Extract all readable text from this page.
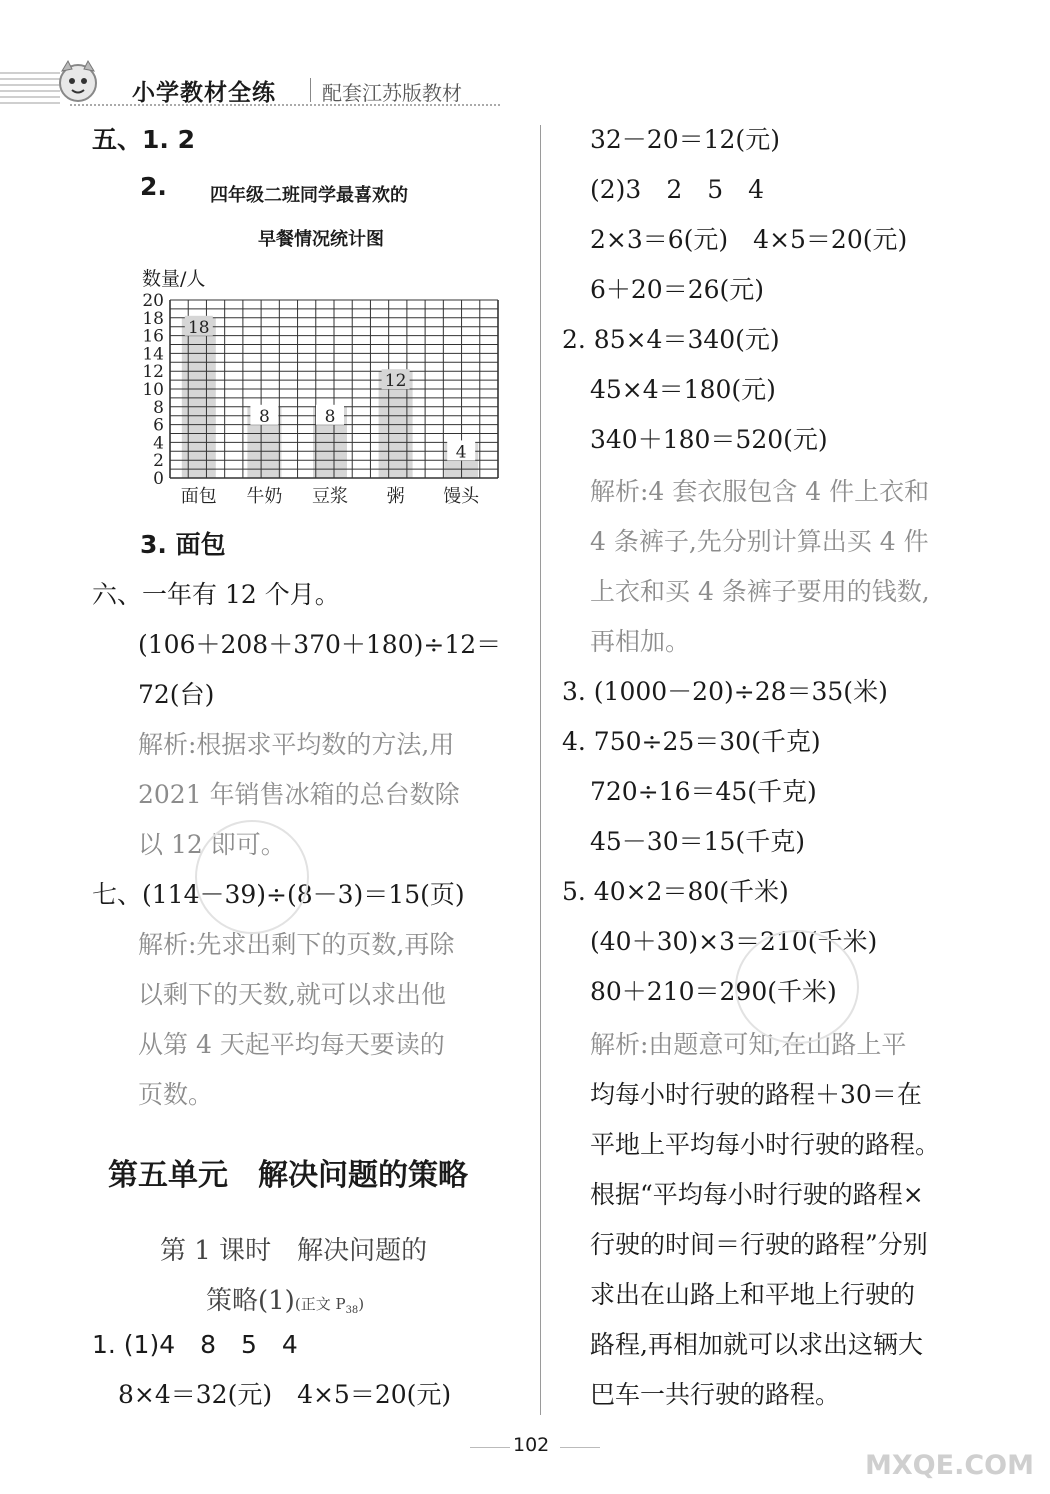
小学教材全练 配套江苏版教材
五、1. 2
2. 四年级二班同学最喜欢的
早餐情况统计图
数量/人
0
2
4
6
8
10
12
14
16
18
20
18
8	8
12
4
面包 牛奶 豆浆 粥 馒头
3. 面包
六、一年有 12 个月。
(106＋208＋370＋180)÷12＝
72(台)
解析:根据求平均数的方法,用
2021 年销售冰箱的总台数除
以 12 即可。
七、(114－39)÷(8－3)＝15(页)
解析:先求出剩下的页数,再除
以剩下的天数,就可以求出他
从第 4 天起平均每天要读的
页数。
第五单元　解决问题的策略
第 1 课时　解决问题的
策略(1)(正文 $P_{38}$)
1. (1)4　8　5　4
8×4＝32(元)　4×5＝20(元)
32－20＝12(元)
(2)3　2　5　4
2×3＝6(元)　4×5＝20(元)
6＋20＝26(元)
2. 85×4＝340(元)
45×4＝180(元)
340＋180＝520(元)
解析:4 套衣服包含 4 件上衣和
4 条裤子,先分别计算出买 4 件
上衣和买 4 条裤子要用的钱数,
再相加。
3. (1000－20)÷28＝35(米)
4. 750÷25＝30(千克)
720÷16＝45(千克)
45－30＝15(千克)
5. 40×2＝80(千米)
(40＋30)×3＝210(千米)
80＋210＝290(千米)
解析:由题意可知,在山路上平
均每小时行驶的路程＋30＝在
平地上平均每小时行驶的路程。
根据“平均每小时行驶的路程×
行驶的时间＝行驶的路程”分别
求出在山路上和平地上行驶的
路程,再相加就可以求出这辆大
巴车一共行驶的路程。
102
MXQE.COM
